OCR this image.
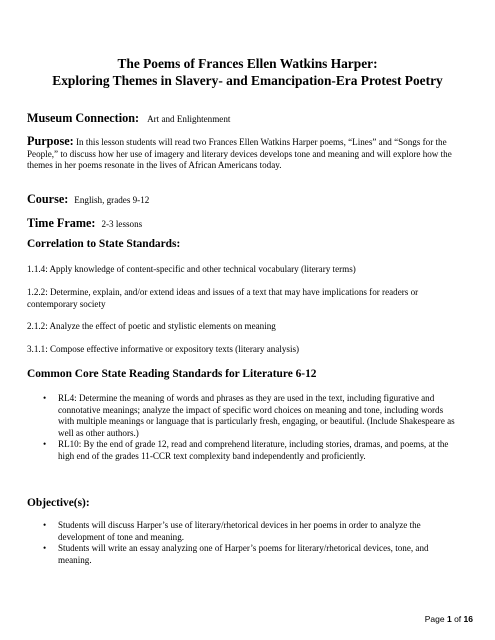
The Poems of Frances Ellen Watkins Harper:
Exploring Themes in Slavery- and Emancipation-Era Protest Poetry
Museum Connection: Art and Enlightenment
Purpose: In this lesson students will read two Frances Ellen Watkins Harper poems, “Lines” and “Songs for the People,” to discuss how her use of imagery and literary devices develops tone and meaning and will explore how the themes in her poems resonate in the lives of African Americans today.
Course: English, grades 9-12
Time Frame: 2-3 lessons
Correlation to State Standards:
1.1.4: Apply knowledge of content-specific and other technical vocabulary (literary terms)
1.2.2: Determine, explain, and/or extend ideas and issues of a text that may have implications for readers or contemporary society
2.1.2: Analyze the effect of poetic and stylistic elements on meaning
3.1.1: Compose effective informative or expository texts (literary analysis)
Common Core State Reading Standards for Literature 6-12
• RL4: Determine the meaning of words and phrases as they are used in the text, including figurative and connotative meanings; analyze the impact of specific word choices on meaning and tone, including words with multiple meanings or language that is particularly fresh, engaging, or beautiful. (Include Shakespeare as well as other authors.)
• RL10: By the end of grade 12, read and comprehend literature, including stories, dramas, and poems, at the high end of the grades 11-CCR text complexity band independently and proficiently.
Objective(s):
• Students will discuss Harper’s use of literary/rhetorical devices in her poems in order to analyze the development of tone and meaning.
• Students will write an essay analyzing one of Harper’s poems for literary/rhetorical devices, tone, and meaning.
Page 1 of 16
